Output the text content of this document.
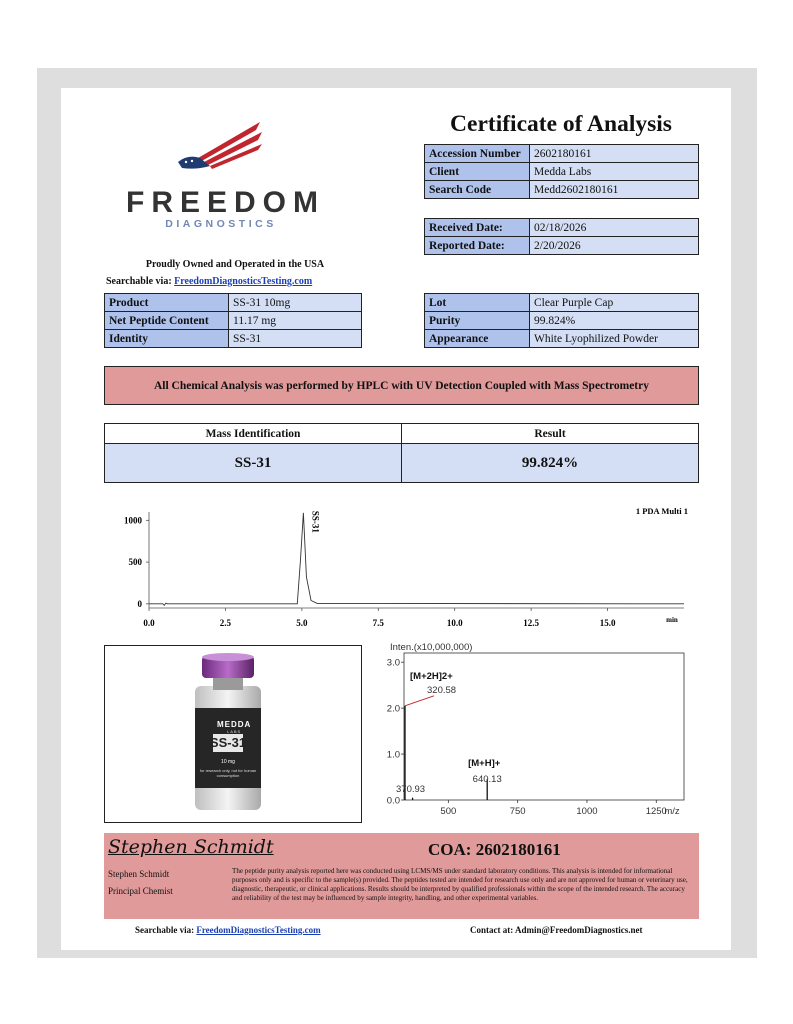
FREEDOM
DIAGNOSTICS
Proudly Owned and Operated in the USA
Searchable via: FreedomDiagnosticsTesting.com
Certificate of Analysis
Accession Number	2602180161
Client	Medda Labs
Search Code	Medd2602180161
Received Date:	02/18/2026
Reported Date:	2/20/2026
Product	SS-31 10mg
Net Peptide Content	11.17 mg
Identity	SS-31
Lot	Clear Purple Cap
Purity	99.824%
Appearance	White Lyophilized Powder
All Chemical Analysis was performed by HPLC with UV Detection Coupled with Mass Spectrometry
Mass Identification	Result
SS-31	99.824%
0
500
1000
0.0	2.5	5.0	7.5	10.0	12.5	15.0	min
1 PDA Multi 1
SS-31
MEDDA
LABS
SS-31
10 mg
for research only, not for human consumption
Inten.(x10,000,000)
0.0
1.0
2.0
3.0
500	750	1000	1250
m/z
[M+2H]2+
320.58
370.93
[M+H]+
640.13
Stephen Schmidt	COA: 2602180161
Stephen Schmidt
Principal Chemist
The peptide purity analysis reported here was conducted using LCMS/MS under standard laboratory conditions. This analysis is intended for informational purposes only and is specific to the sample(s) provided. The peptides tested are intended for research use only and are not approved for human or veterinary use, diagnostic, therapeutic, or clinical applications. Results should be interpreted by qualified professionals within the scope of the intended research. The accuracy and reliability of the test may be influenced by sample integrity, handling, and other experimental variables.
Searchable via: FreedomDiagnosticsTesting.com	Contact at: Admin@FreedomDiagnostics.net
